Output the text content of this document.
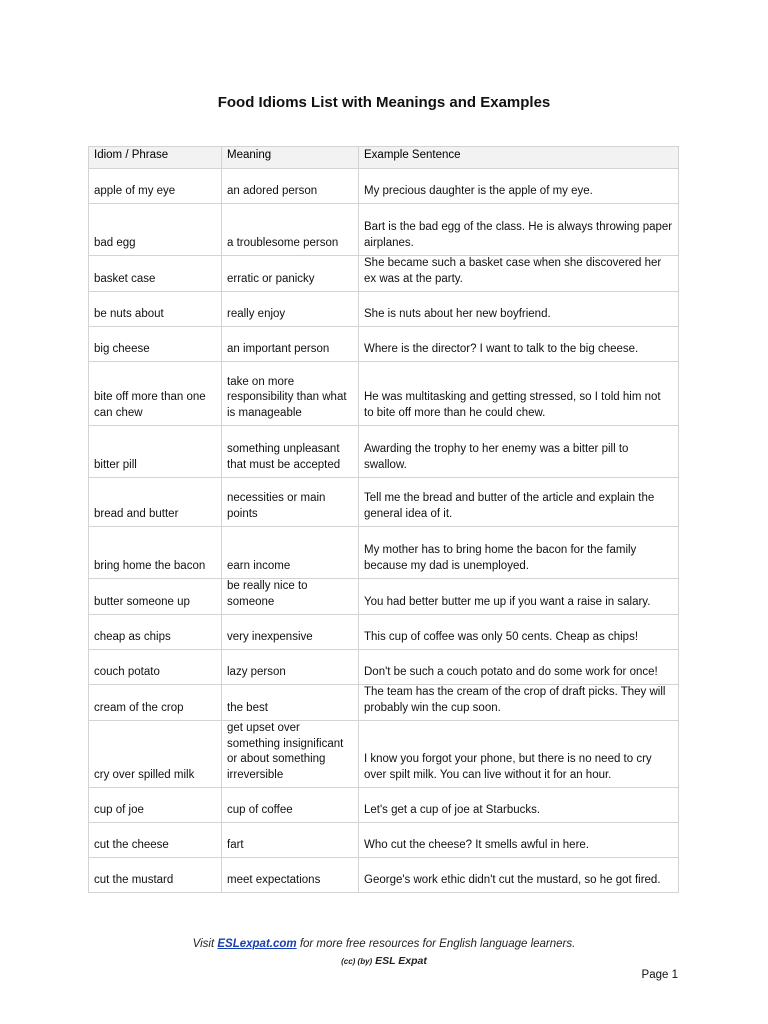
Food Idioms List with Meanings and Examples
Idiom / Phrase	Meaning	Example Sentence
apple of my eye	an adored person	My precious daughter is the apple of my eye.
bad egg	a troublesome person	Bart is the bad egg of the class. He is always throwing paper airplanes.
basket case	erratic or panicky	She became such a basket case when she discovered her ex was at the party.
be nuts about	really enjoy	She is nuts about her new boyfriend.
big cheese	an important person	Where is the director? I want to talk to the big cheese.
bite off more than one can chew	take on more responsibility than what is manageable	He was multitasking and getting stressed, so I told him not to bite off more than he could chew.
bitter pill	something unpleasant that must be accepted	Awarding the trophy to her enemy was a bitter pill to swallow.
bread and butter	necessities or main points	Tell me the bread and butter of the article and explain the general idea of it.
bring home the bacon	earn income	My mother has to bring home the bacon for the family because my dad is unemployed.
butter someone up	be really nice to someone	You had better butter me up if you want a raise in salary.
cheap as chips	very inexpensive	This cup of coffee was only 50 cents. Cheap as chips!
couch potato	lazy person	Don't be such a couch potato and do some work for once!
cream of the crop	the best	The team has the cream of the crop of draft picks. They will probably win the cup soon.
cry over spilled milk	get upset over something insignificant or about something irreversible	I know you forgot your phone, but there is no need to cry over spilt milk. You can live without it for an hour.
cup of joe	cup of coffee	Let's get a cup of joe at Starbucks.
cut the cheese	fart	Who cut the cheese? It smells awful in here.
cut the mustard	meet expectations	George's work ethic didn't cut the mustard, so he got fired.
Visit ESLexpat.com for more free resources for English language learners.
(cc) (by) ESL Expat
Page 1
